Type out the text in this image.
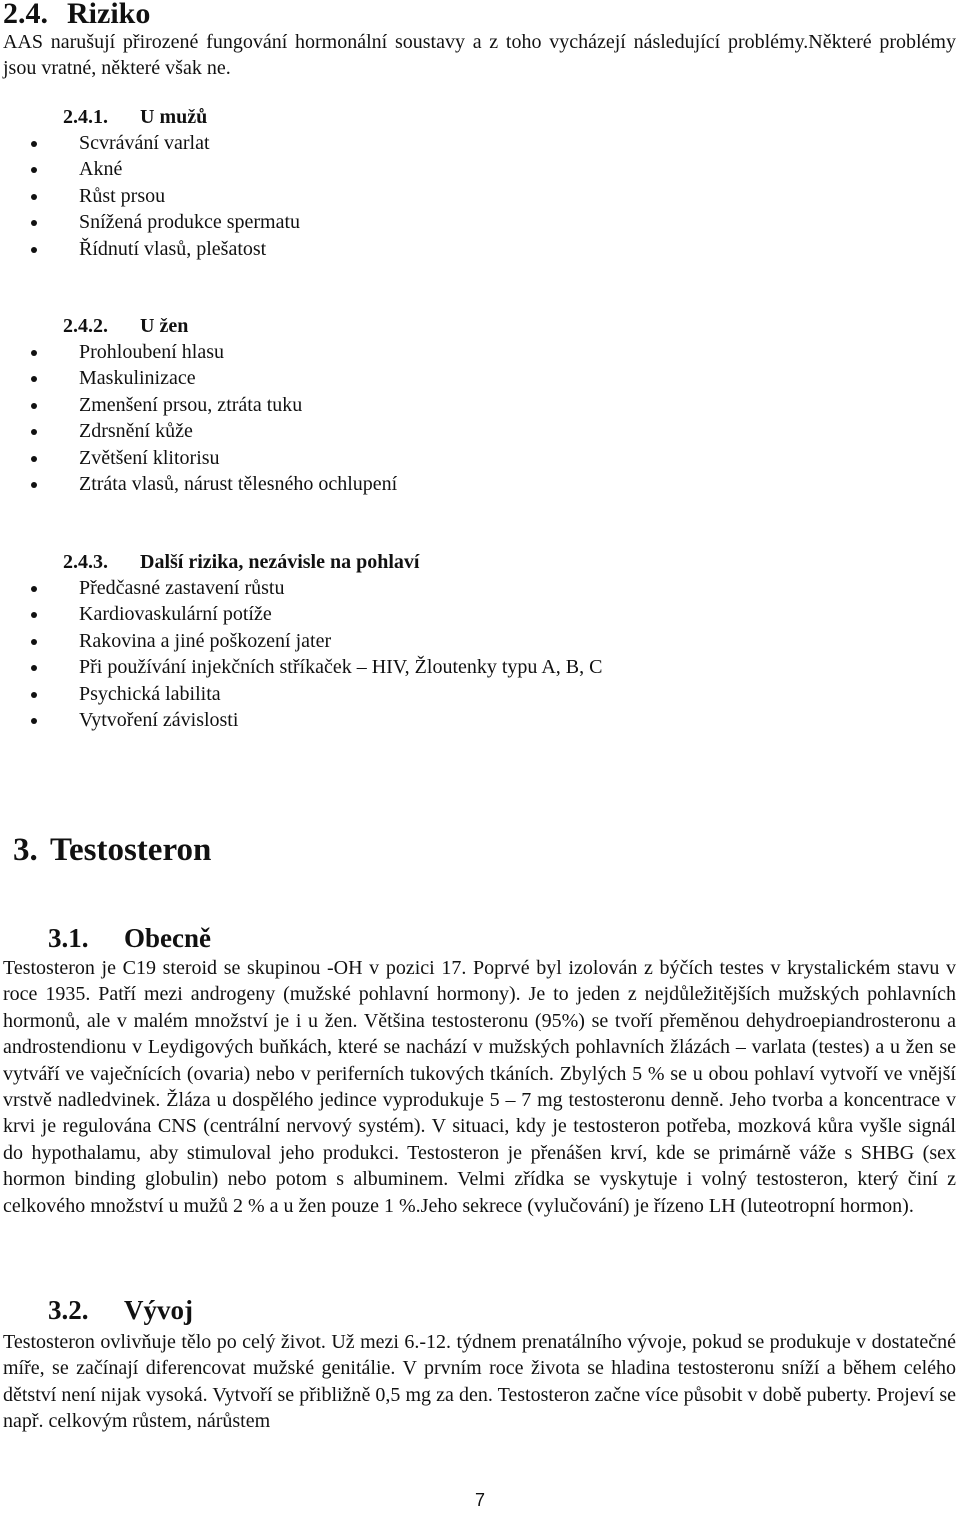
2.4. Riziko
AAS narušují přirozené fungování hormonální soustavy a z toho vycházejí následující problémy.Některé problémy jsou vratné, některé však ne.
2.4.1. U mužů
Scvrávání varlat
Akné
Růst prsou
Snížená produkce spermatu
Řídnutí vlasů, plešatost
2.4.2. U žen
Prohloubení hlasu
Maskulinizace
Zmenšení prsou, ztráta tuku
Zdrsnění kůže
Zvětšení klitorisu
Ztráta vlasů, nárust tělesného ochlupení
2.4.3. Další rizika, nezávisle na pohlaví
Předčasné zastavení růstu
Kardiovaskulární potíže
Rakovina a jiné poškození jater
Při používání injekčních stříkaček – HIV, Žloutenky typu A, B, C
Psychická labilita
Vytvoření závislosti
3. Testosteron
3.1. Obecně
Testosteron je C19 steroid se skupinou -OH v pozici 17. Poprvé byl izolován z býčích testes v krystalickém stavu v roce 1935. Patří mezi androgeny (mužské pohlavní hormony). Je to jeden z nejdůležitějších mužských pohlavních hormonů, ale v malém množství je i u žen. Většina testosteronu (95%) se tvoří přeměnou dehydroepiandrosteronu a androstendionu v Leydigových buňkách, které se nachází v mužských pohlavních žlázách – varlata (testes) a u žen se vytváří ve vaječnících (ovaria) nebo v periferních tukových tkáních. Zbylých 5 % se u obou pohlaví vytvoří ve vnější vrstvě nadledvinek. Žláza u dospělého jedince vyprodukuje 5 – 7 mg testosteronu denně. Jeho tvorba a koncentrace v krvi je regulována CNS (centrální nervový systém). V situaci, kdy je testosteron potřeba, mozková kůra vyšle signál do hypothalamu, aby stimuloval jeho produkci. Testosteron je přenášen krví, kde se primárně váže s SHBG (sex hormon binding globulin) nebo potom s albuminem. Velmi zřídka se vyskytuje i volný testosteron, který činí z celkového množství u mužů 2 % a u žen pouze 1 %.Jeho sekrece (vylučování) je řízeno LH (luteotropní hormon).
3.2. Vývoj
Testosteron ovlivňuje tělo po celý život. Už mezi 6.-12. týdnem prenatálního vývoje, pokud se produkuje v dostatečné míře, se začínají diferencovat mužské genitálie. V prvním roce života se hladina testosteronu sníží a během celého dětství není nijak vysoká. Vytvoří se přibližně 0,5 mg za den. Testosteron začne více působit v době puberty. Projeví se např. celkovým růstem, nárůstem
7
